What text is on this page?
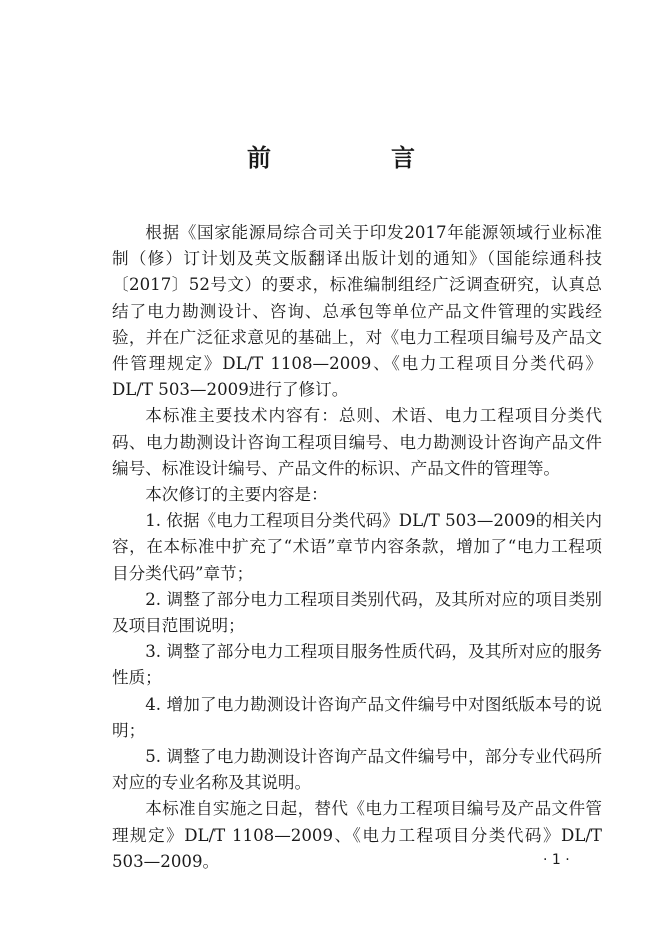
前　言

根据《国家能源局综合司关于印发2017年能源领域行业标准制（修）订计划及英文版翻译出版计划的通知》（国能综通科技〔2017〕52号文）的要求，标准编制组经广泛调查研究，认真总结了电力勘测设计、咨询、总承包等单位产品文件管理的实践经验，并在广泛征求意见的基础上，对《电力工程项目编号及产品文件管理规定》DL/T 1108—2009、《电力工程项目分类代码》DL/T 503—2009进行了修订。

本标准主要技术内容有：总则、术语、电力工程项目分类代码、电力勘测设计咨询工程项目编号、电力勘测设计咨询产品文件编号、标准设计编号、产品文件的标识、产品文件的管理等。

本次修订的主要内容是：

1. 依据《电力工程项目分类代码》DL/T 503—2009的相关内容，在本标准中扩充了“术语”章节内容条款，增加了“电力工程项目分类代码”章节；

2. 调整了部分电力工程项目类别代码，及其所对应的项目类别及项目范围说明；

3. 调整了部分电力工程项目服务性质代码，及其所对应的服务性质；

4. 增加了电力勘测设计咨询产品文件编号中对图纸版本号的说明；

5. 调整了电力勘测设计咨询产品文件编号中，部分专业代码所对应的专业名称及其说明。

本标准自实施之日起，替代《电力工程项目编号及产品文件管理规定》DL/T 1108—2009、《电力工程项目分类代码》DL/T 503—2009。	· 1 ·
